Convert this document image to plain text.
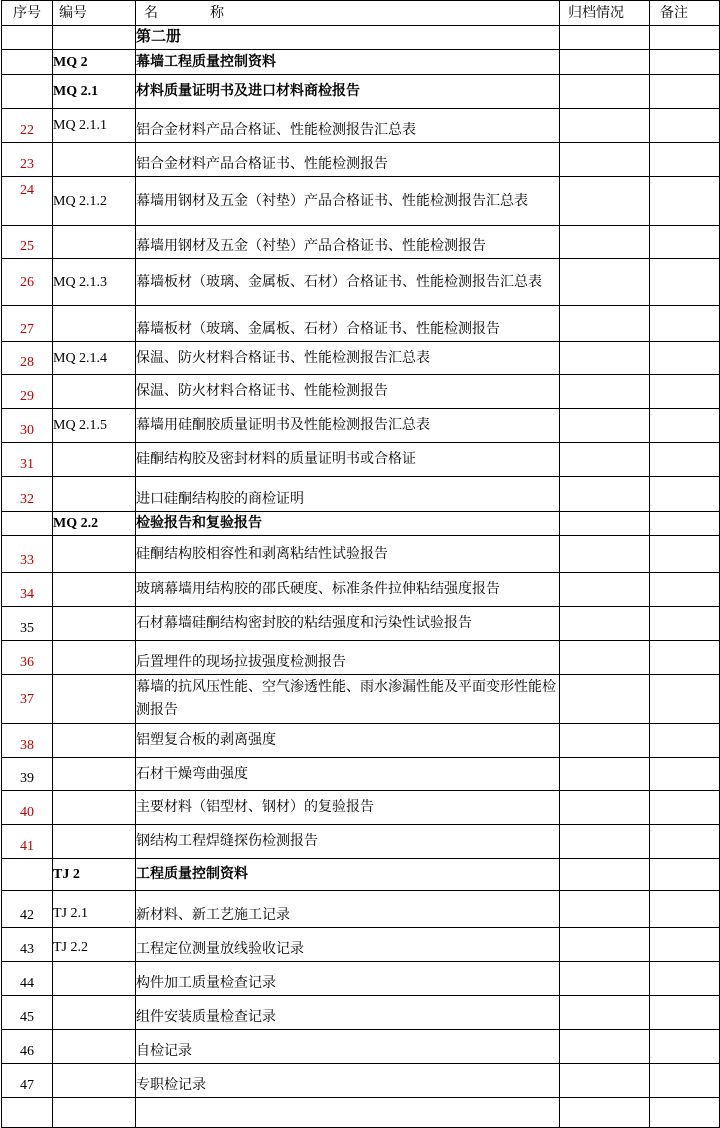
序号	编号	名 称	归档情况	备注
		第二册		
	MQ 2	幕墙工程质量控制资料		
	MQ 2.1	材料质量证明书及进口材料商检报告		
22	MQ 2.1.1	铝合金材料产品合格证、性能检测报告汇总表		
23		铝合金材料产品合格证书、性能检测报告		
24	MQ 2.1.2	幕墙用钢材及五金（衬垫）产品合格证书、性能检测报告汇总表		
25		幕墙用钢材及五金（衬垫）产品合格证书、性能检测报告		
26	MQ 2.1.3	幕墙板材（玻璃、金属板、石材）合格证书、性能检测报告汇总表		
27		幕墙板材（玻璃、金属板、石材）合格证书、性能检测报告		
28	MQ 2.1.4	保温、防火材料合格证书、性能检测报告汇总表		
29		保温、防火材料合格证书、性能检测报告		
30	MQ 2.1.5	幕墙用硅酮胶质量证明书及性能检测报告汇总表		
31		硅酮结构胶及密封材料的质量证明书或合格证		
32		进口硅酮结构胶的商检证明		
	MQ 2.2	检验报告和复验报告		
33		硅酮结构胶相容性和剥离粘结性试验报告		
34		玻璃幕墙用结构胶的邵氏硬度、标准条件拉伸粘结强度报告		
35		石材幕墙硅酮结构密封胶的粘结强度和污染性试验报告		
36		后置埋件的现场拉拔强度检测报告		
37		幕墙的抗风压性能、空气渗透性能、雨水渗漏性能及平面变形性能检测报告		
38		铝塑复合板的剥离强度		
39		石材干燥弯曲强度		
40		主要材料（铝型材、钢材）的复验报告		
41		钢结构工程焊缝探伤检测报告		
	TJ 2	工程质量控制资料		
42	TJ 2.1	新材料、新工艺施工记录		
43	TJ 2.2	工程定位测量放线验收记录		
44		构件加工质量检查记录		
45		组件安装质量检查记录		
46		自检记录		
47		专职检记录		
